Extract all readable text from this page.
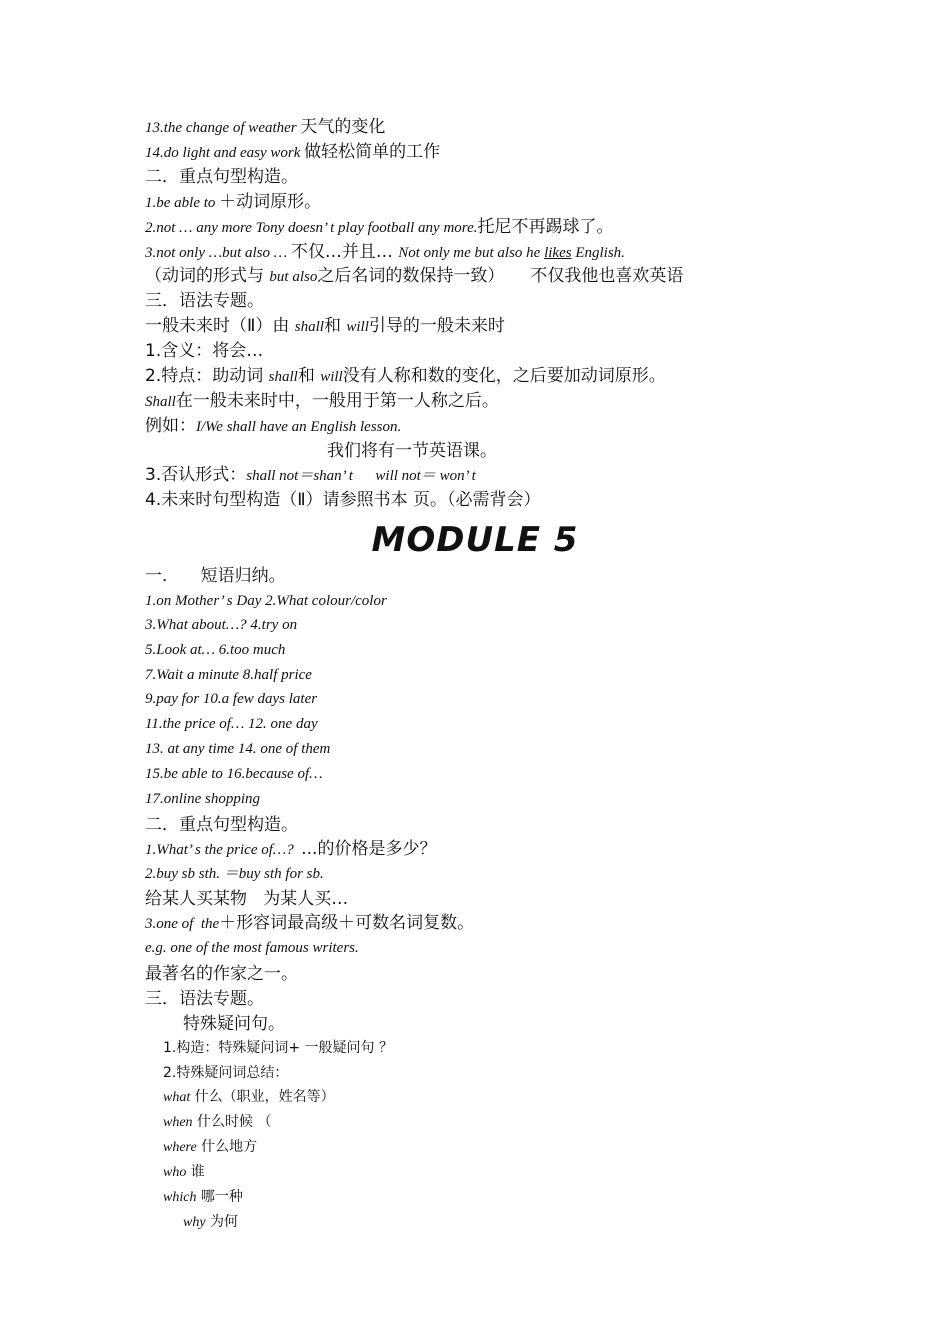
13.the change of weather 天气的变化
14.do light and easy work 做轻松简单的工作
二．重点句型构造。
1.be able to ＋动词原形。
2.not … any more Tony doesn’ t play football any more.托尼不再踢球了。
3.not only …but also … 不仅…并且… Not only me but also he likes English.
（动词的形式与 but also之后名词的数保持一致） 不仅我他也喜欢英语
三．语法专题。
一般未来时（Ⅱ）由 shall和 will引导的一般未来时
1.含义：将会…
2.特点：助动词 shall和 will没有人称和数的变化，之后要加动词原形。
Shall在一般未来时中，一般用于第一人称之后。
例如：I/We shall have an English lesson.
我们将有一节英语课。
3.否认形式：shall not＝shan’ t      will not＝ won’ t
4.未来时句型构造（Ⅱ）请参照书本 页。（必需背会）
MODULE 5
一．    短语归纳。
1.on Mother’ s Day 2.What colour/color
3.What about…? 4.try on
5.Look at… 6.too much
7.Wait a minute 8.half price
9.pay for 10.a few days later
11.the price of… 12. one day
13. at any time 14. one of them
15.be able to 16.because of…
17.online shopping
二．重点句型构造。
1.What’ s the price of…?  ...的价格是多少？
2.buy sb sth. ＝buy sth for sb.
给某人买某物   为某人买…
3.one of  the＋形容词最高级＋可数名词复数。
e.g. one of the most famous writers.
最著名的作家之一。
三．语法专题。
特殊疑问句。
1.构造：特殊疑问词+ 一般疑问句 ？
2.特殊疑问词总结：
what 什么（职业，姓名等）
when 什么时候 （
where 什么地方
who 谁
which 哪一种
why 为何
